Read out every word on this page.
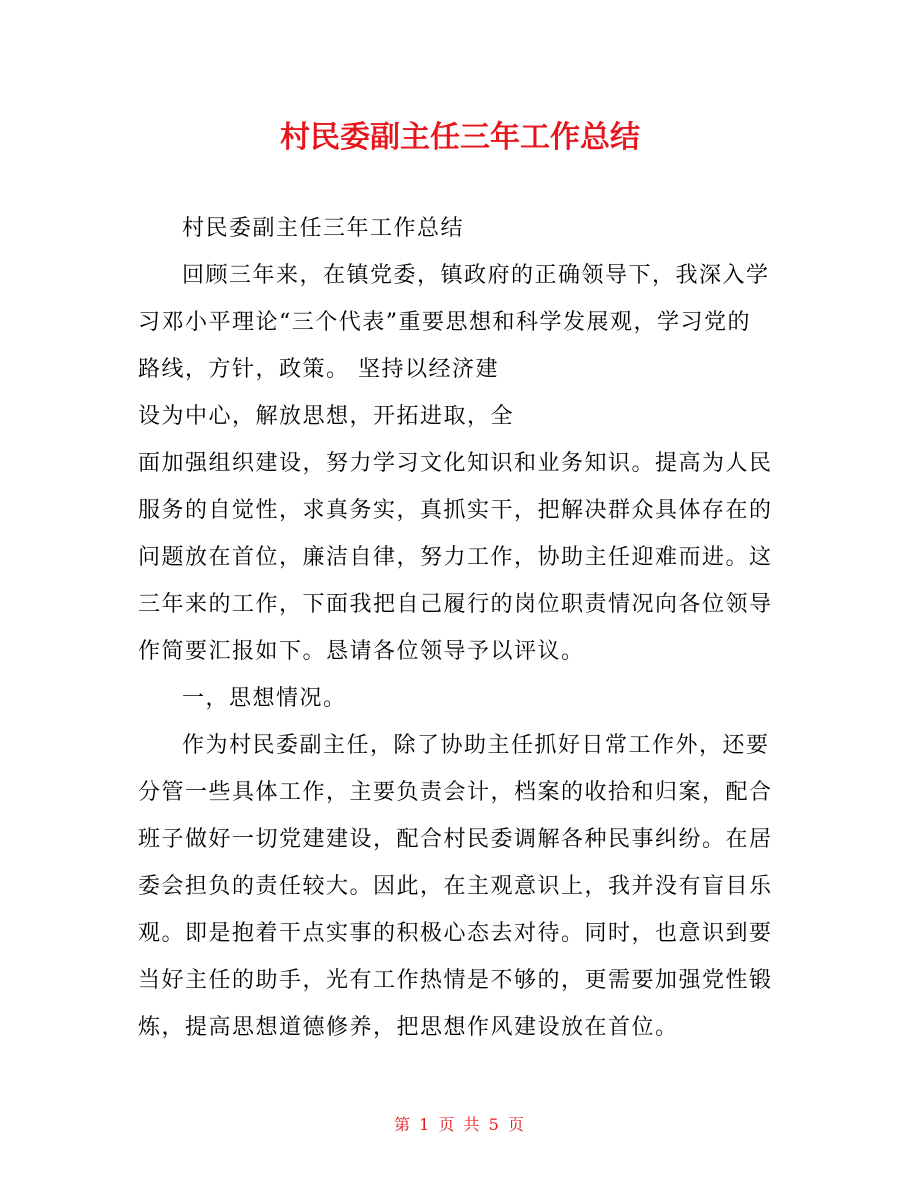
村民委副主任三年工作总结
村民委副主任三年工作总结
回顾三年来，在镇党委，镇政府的正确领导下，我深入学
习邓小平理论“三个代表”重要思想和科学发展观，学习党的
路线，方针，政策。 坚持以经济建
设为中心，解放思想，开拓进取，全
面加强组织建设，努力学习文化知识和业务知识。提高为人民
服务的自觉性，求真务实，真抓实干，把解决群众具体存在的
问题放在首位，廉洁自律，努力工作，协助主任迎难而进。这
三年来的工作，下面我把自己履行的岗位职责情况向各位领导
作简要汇报如下。恳请各位领导予以评议。
一，思想情况。
作为村民委副主任，除了协助主任抓好日常工作外，还要
分管一些具体工作，主要负责会计，档案的收拾和归案，配合
班子做好一切党建建设，配合村民委调解各种民事纠纷。在居
委会担负的责任较大。因此，在主观意识上，我并没有盲目乐
观。即是抱着干点实事的积极心态去对待。同时，也意识到要
当好主任的助手，光有工作热情是不够的，更需要加强党性锻
炼，提高思想道德修养，把思想作风建设放在首位。
第 1 页 共 5 页
